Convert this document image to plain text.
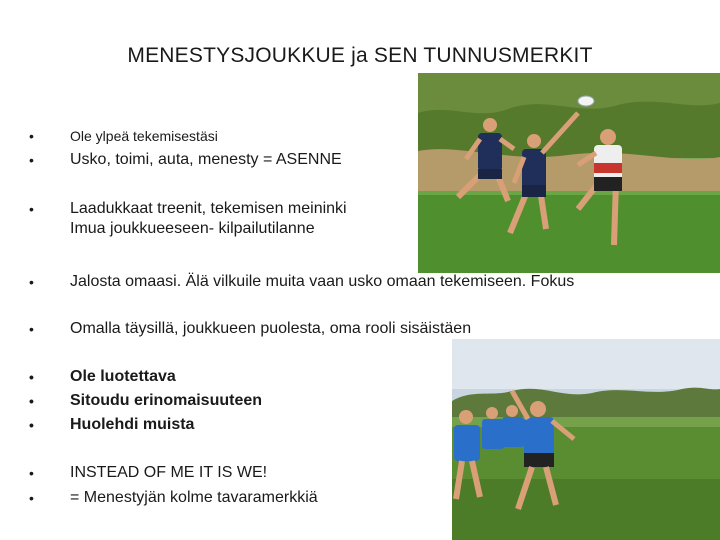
MENESTYSJOUKKUE ja SEN TUNNUSMERKIT
•	Ole ylpeä tekemisestäsi
• Usko, toimi, auta, menesty = ASENNE
• Laadukkaat treenit, tekemisen meininki
Imua joukkueeseen- kilpailutilanne
• Jalosta omaasi. Älä vilkuile muita vaan usko omaan tekemiseen. Fokus
• Omalla täysillä, joukkueen puolesta, oma rooli sisäistäen
• Ole luotettava
• Sitoudu erinomaisuuteen
• Huolehdi muista
• INSTEAD OF ME IT IS WE!
• = Menestyjän kolme tavaramerkkiä
